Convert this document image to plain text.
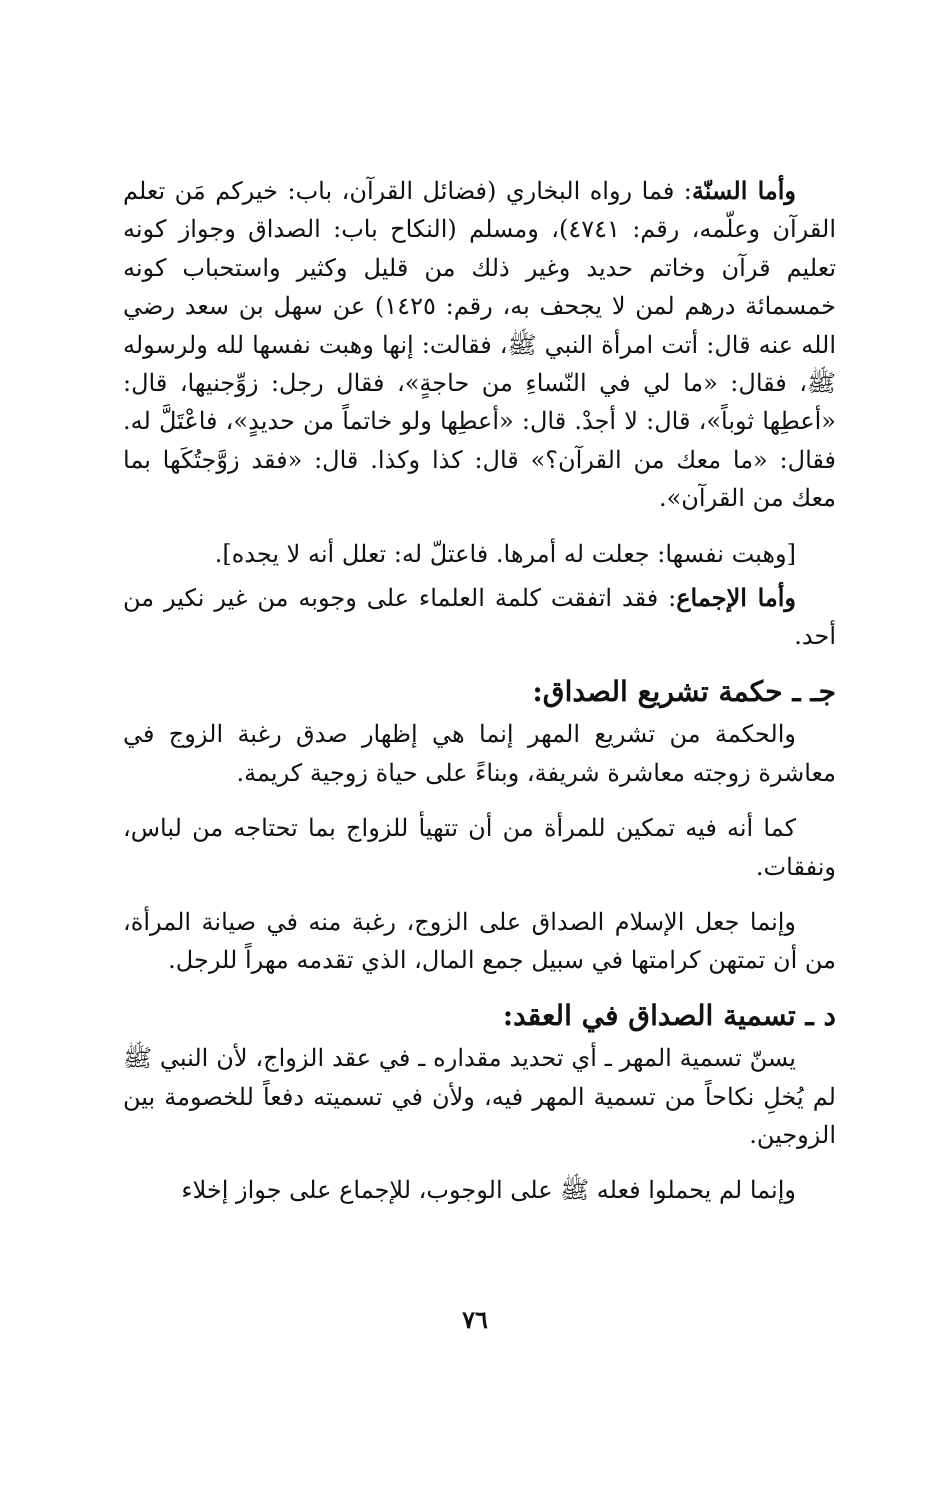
وأما السنّة: فما رواه البخاري (فضائل القرآن، باب: خيركم مَن تعلم القرآن وعلّمه، رقم: ٤٧٤١)، ومسلم (النكاح باب: الصداق وجواز كونه تعليم قرآن وخاتم حديد وغير ذلك من قليل وكثير واستحباب كونه خمسمائة درهم لمن لا يجحف به، رقم: ١٤٢٥) عن سهل بن سعد رضي الله عنه قال: أتت امرأة النبي ﷺ، فقالت: إنها وهبت نفسها لله ولرسوله ﷺ، فقال: «ما لي في النّساءِ من حاجةٍ»، فقال رجل: زوِّجنيها، قال: «أعطِها ثوباً»، قال: لا أجدْ. قال: «أعطِها ولو خاتماً من حديدٍ»، فاعْتَلَّ له. فقال: «ما معك من القرآن؟» قال: كذا وكذا. قال: «فقد زوَّجتُكَها بما معك من القرآن».

[وهبت نفسها: جعلت له أمرها. فاعتلّ له: تعلل أنه لا يجده].

وأما الإجماع: فقد اتفقت كلمة العلماء على وجوبه من غير نكير من أحد.

جـ ـ حكمة تشريع الصداق:

والحكمة من تشريع المهر إنما هي إظهار صدق رغبة الزوج في معاشرة زوجته معاشرة شريفة، وبناءً على حياة زوجية كريمة.

كما أنه فيه تمكين للمرأة من أن تتهيأ للزواج بما تحتاجه من لباس، ونفقات.

وإنما جعل الإسلام الصداق على الزوج، رغبة منه في صيانة المرأة، من أن تمتهن كرامتها في سبيل جمع المال، الذي تقدمه مهراً للرجل.

د ـ تسمية الصداق في العقد:

يسنّ تسمية المهر ـ أي تحديد مقداره ـ في عقد الزواج، لأن النبي ﷺ لم يُخلِ نكاحاً من تسمية المهر فيه، ولأن في تسميته دفعاً للخصومة بين الزوجين.

وإنما لم يحملوا فعله ﷺ على الوجوب، للإجماع على جواز إخلاء

٧٦
